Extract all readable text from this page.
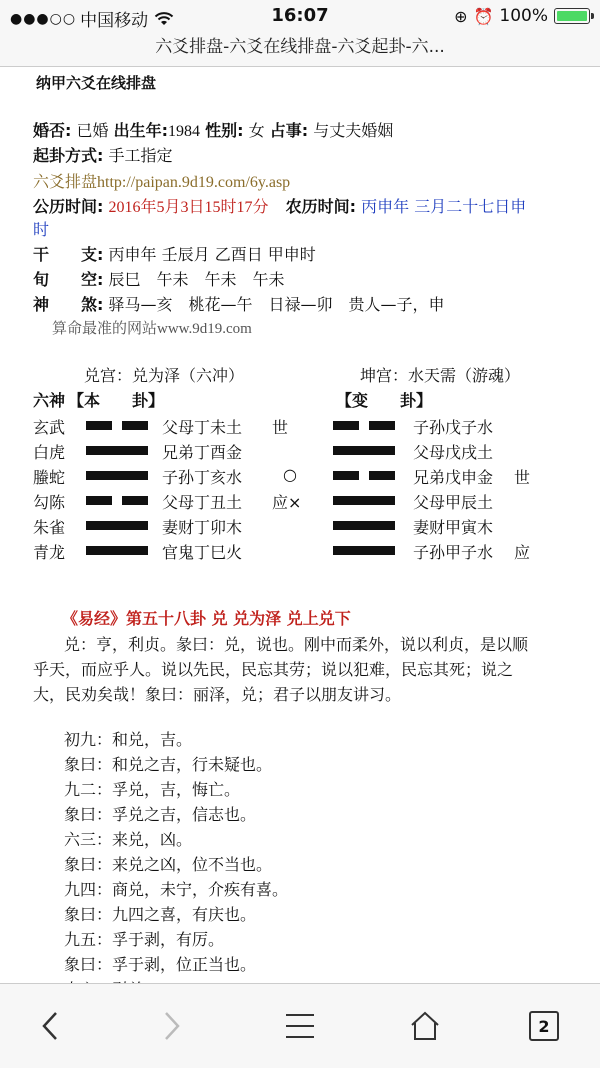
●●●○○ 中国移动	16:07	⊕ ⏰ 100%
六爻排盘-六爻在线排盘-六爻起卦-六...
纳甲六爻在线排盘
婚否: 已婚 出生年:1984 性别: 女 占事: 与丈夫婚姻
起卦方式: 手工指定
六爻排盘http://paipan.9d19.com/6y.asp
公历时间: 2016年5月3日15时17分 农历时间: 丙申年 三月二十七日申
时
干 支: 丙申年 壬辰月 乙酉日 甲申时
旬 空: 辰巳　午未　午未　午未
神 煞: 驿马—亥　桃花—午　日禄—卯　贵人—子，申
算命最准的网站www.9d19.com
兑宫：兑为泽（六冲）	坤宫：水天需（游魂）
六神 【本　　卦】	【变　　卦】
玄武	父母丁未土 世	子孙戊子水
白虎	兄弟丁酉金	父母戊戌土
螣蛇	子孙丁亥水	○	兄弟戊申金 世
勾陈	父母丁丑土 应×	父母甲辰土
朱雀	妻财丁卯木	妻财甲寅木
青龙	官鬼丁巳火	子孙甲子水 应
《易经》第五十八卦 兑 兑为泽 兑上兑下
兑：亨，利贞。彖曰：兑，说也。刚中而柔外，说以利贞，是以顺
乎天，而应乎人。说以先民，民忘其劳；说以犯难，民忘其死；说之
大，民劝矣哉！象曰：丽泽，兑；君子以朋友讲习。
初九：和兑，吉。
象曰：和兑之吉，行未疑也。
九二：孚兑，吉，悔亡。
象曰：孚兑之吉，信志也。
六三：来兑，凶。
象曰：来兑之凶，位不当也。
九四：商兑，未宁，介疾有喜。
象曰：九四之喜，有庆也。
九五：孚于剥，有厉。
象曰：孚于剥，位正当也。
2
